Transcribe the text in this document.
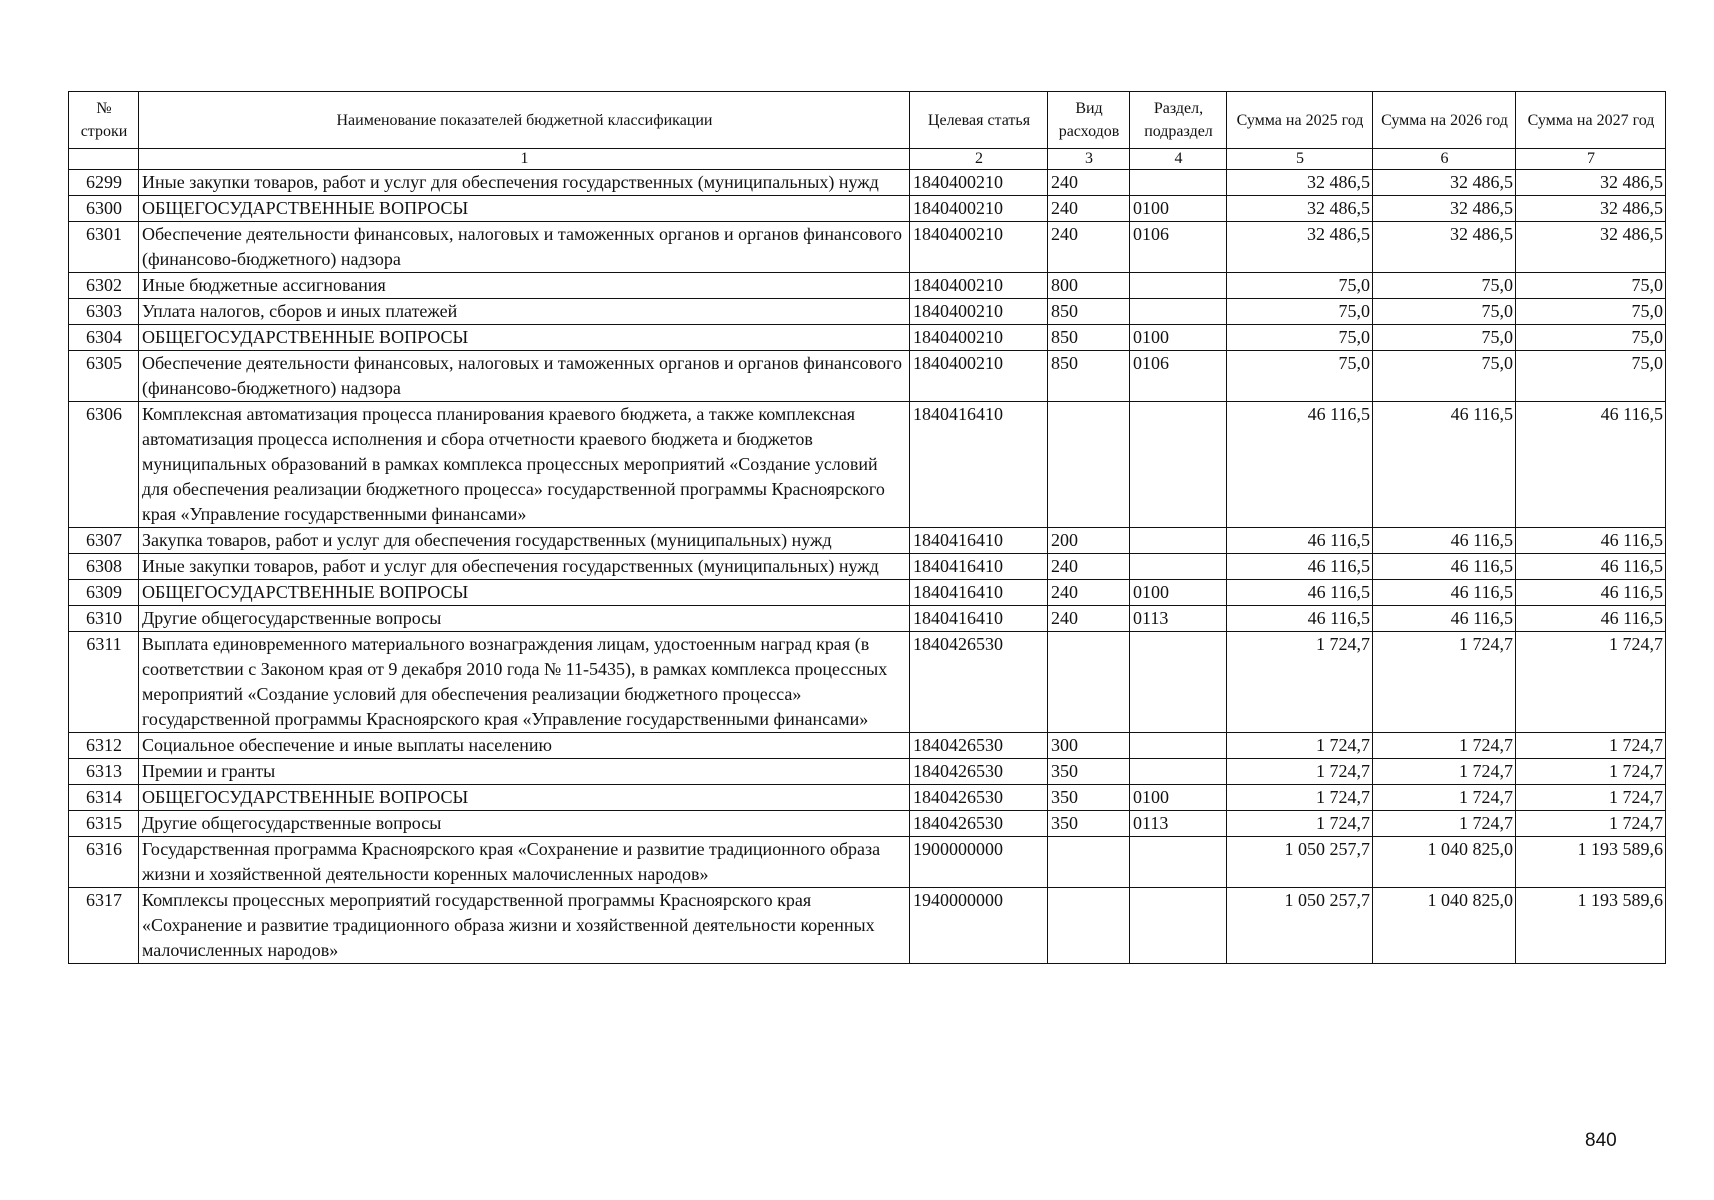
№ строки	Наименование показателей бюджетной классификации	Целевая статья	Вид расходов	Раздел, подраздел	Сумма на 2025 год	Сумма на 2026 год	Сумма на 2027 год
	1	2	3	4	5	6	7
6299	Иные закупки товаров, работ и услуг для обеспечения государственных (муниципальных) нужд	1840400210	240		32 486,5	32 486,5	32 486,5
6300	ОБЩЕГОСУДАРСТВЕННЫЕ ВОПРОСЫ	1840400210	240	0100	32 486,5	32 486,5	32 486,5
6301	Обеспечение деятельности финансовых, налоговых и таможенных органов и органов финансового (финансово-бюджетного) надзора	1840400210	240	0106	32 486,5	32 486,5	32 486,5
6302	Иные бюджетные ассигнования	1840400210	800		75,0	75,0	75,0
6303	Уплата налогов, сборов и иных платежей	1840400210	850		75,0	75,0	75,0
6304	ОБЩЕГОСУДАРСТВЕННЫЕ ВОПРОСЫ	1840400210	850	0100	75,0	75,0	75,0
6305	Обеспечение деятельности финансовых, налоговых и таможенных органов и органов финансового (финансово-бюджетного) надзора	1840400210	850	0106	75,0	75,0	75,0
6306	Комплексная автоматизация процесса планирования краевого бюджета, а также комплексная автоматизация процесса исполнения и сбора отчетности краевого бюджета и бюджетов муниципальных образований в рамках комплекса процессных мероприятий «Создание условий для обеспечения реализации бюджетного процесса» государственной программы Красноярского края «Управление государственными финансами»	1840416410			46 116,5	46 116,5	46 116,5
6307	Закупка товаров, работ и услуг для обеспечения государственных (муниципальных) нужд	1840416410	200		46 116,5	46 116,5	46 116,5
6308	Иные закупки товаров, работ и услуг для обеспечения государственных (муниципальных) нужд	1840416410	240		46 116,5	46 116,5	46 116,5
6309	ОБЩЕГОСУДАРСТВЕННЫЕ ВОПРОСЫ	1840416410	240	0100	46 116,5	46 116,5	46 116,5
6310	Другие общегосударственные вопросы	1840416410	240	0113	46 116,5	46 116,5	46 116,5
6311	Выплата единовременного материального вознаграждения лицам, удостоенным наград края (в соответствии с Законом края от 9 декабря 2010 года № 11-5435), в рамках комплекса процессных мероприятий «Создание условий для обеспечения реализации бюджетного процесса» государственной программы Красноярского края «Управление государственными финансами»	1840426530			1 724,7	1 724,7	1 724,7
6312	Социальное обеспечение и иные выплаты населению	1840426530	300		1 724,7	1 724,7	1 724,7
6313	Премии и гранты	1840426530	350		1 724,7	1 724,7	1 724,7
6314	ОБЩЕГОСУДАРСТВЕННЫЕ ВОПРОСЫ	1840426530	350	0100	1 724,7	1 724,7	1 724,7
6315	Другие общегосударственные вопросы	1840426530	350	0113	1 724,7	1 724,7	1 724,7
6316	Государственная программа Красноярского края «Сохранение и развитие традиционного образа жизни и хозяйственной деятельности коренных малочисленных народов»	1900000000			1 050 257,7	1 040 825,0	1 193 589,6
6317	Комплексы процессных мероприятий государственной программы Красноярского края «Сохранение и развитие традиционного образа жизни и хозяйственной деятельности коренных малочисленных народов»	1940000000			1 050 257,7	1 040 825,0	1 193 589,6
840
